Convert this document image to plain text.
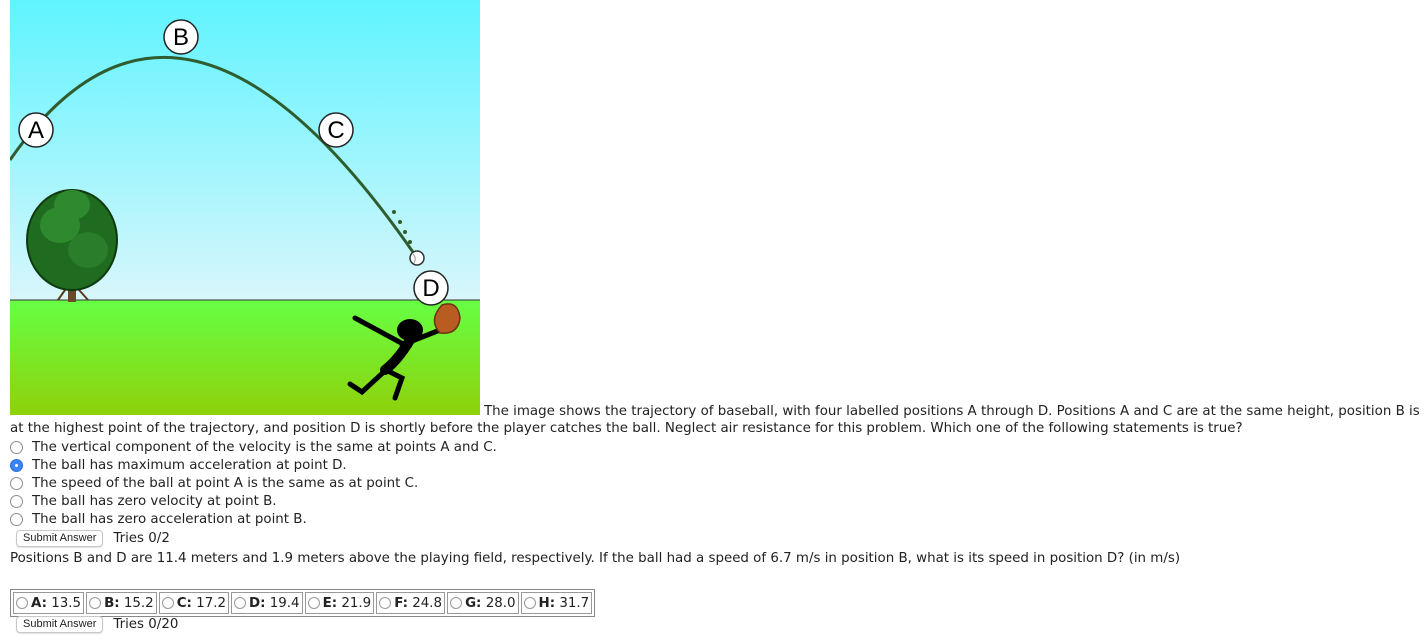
A
B
C
D
The image shows the trajectory of baseball, with four labelled positions A through D. Positions A and C are at the same height, position B is
at the highest point of the trajectory, and position D is shortly before the player catches the ball. Neglect air resistance for this problem. Which one of the following statements is true?
The vertical component of the velocity is the same at points A and C.
The ball has maximum acceleration at point D.
The speed of the ball at point A is the same as at point C.
The ball has zero velocity at point B.
The ball has zero acceleration at point B.
Submit Answer	Tries 0/2
Positions B and D are 11.4 meters and 1.9 meters above the playing field, respectively. If the ball had a speed of 6.7 m/s in position B, what is its speed in position D? (in m/s)
A:
13.5 B:
15.2 C:
17.2 D:
19.4 E:
21.9 F:
24.8 G:
28.0 H:
31.7
Submit Answer	Tries 0/20
